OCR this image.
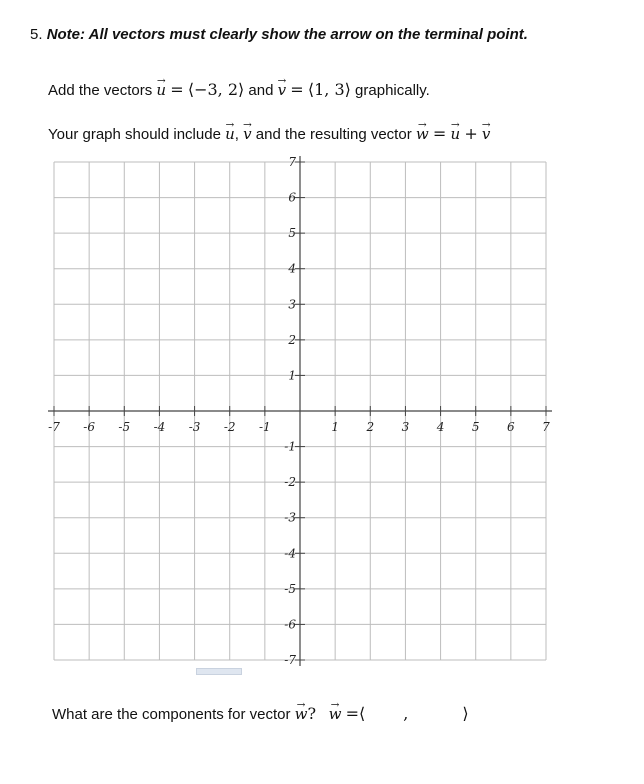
5. Note: All vectors must clearly show the arrow on the terminal point.
Add the vectors → u = ⟨−3, 2⟩ and → v = ⟨1, 3⟩ graphically.
Your graph should include → u, → v and the resulting vector → w = → u + → v
-7 -6 -5 -4 -3 -2 -1	1 2 3 4 5 6 7
7
6
5
4
3
2
1
-1
-2
-3
-4
-5
-6
-7
What are the components for vector → w? → w =⟨ ,	⟩
